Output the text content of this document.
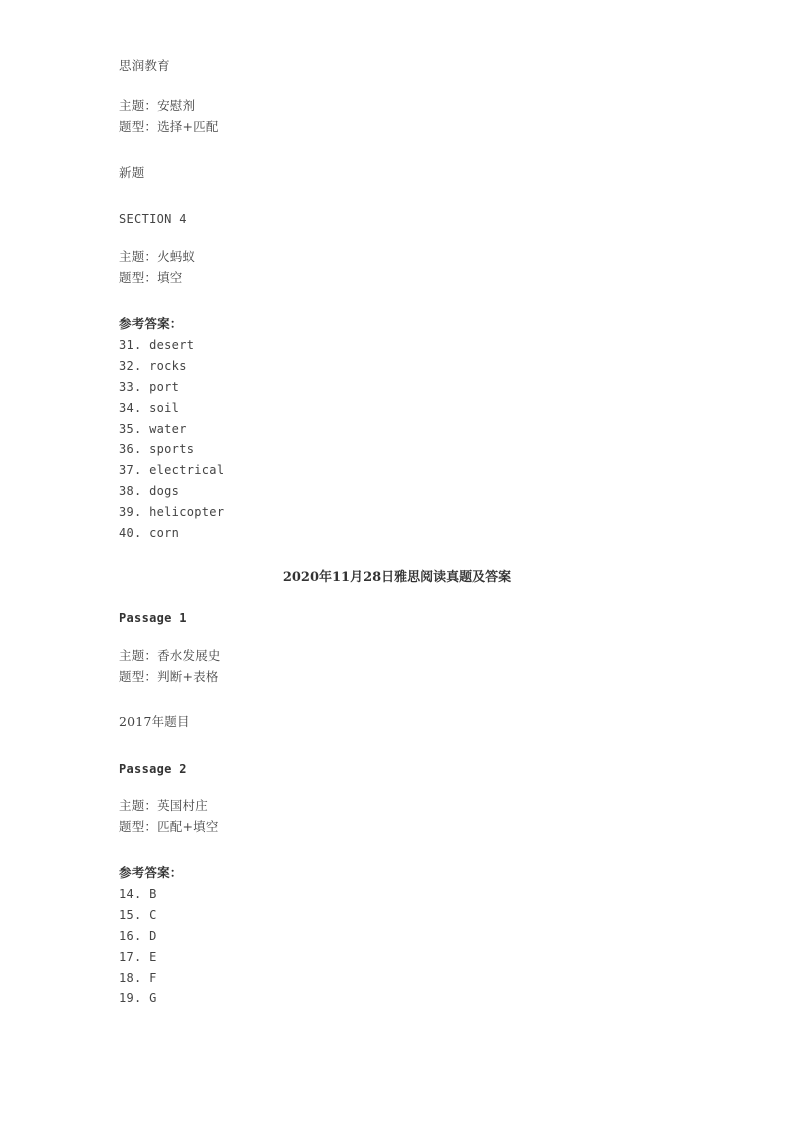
思润教育
主题：安慰剂
题型：选择+匹配
新题
SECTION 4
主题：火蚂蚁
题型：填空
参考答案：
31. desert
32. rocks
33. port
34. soil
35. water
36. sports
37. electrical
38. dogs
39. helicopter
40. corn
2020年11月28日雅思阅读真题及答案
Passage 1
主题：香水发展史
题型：判断+表格
2017年题目
Passage 2
主题：英国村庄
题型：匹配+填空
参考答案：
14. B
15. C
16. D
17. E
18. F
19. G
